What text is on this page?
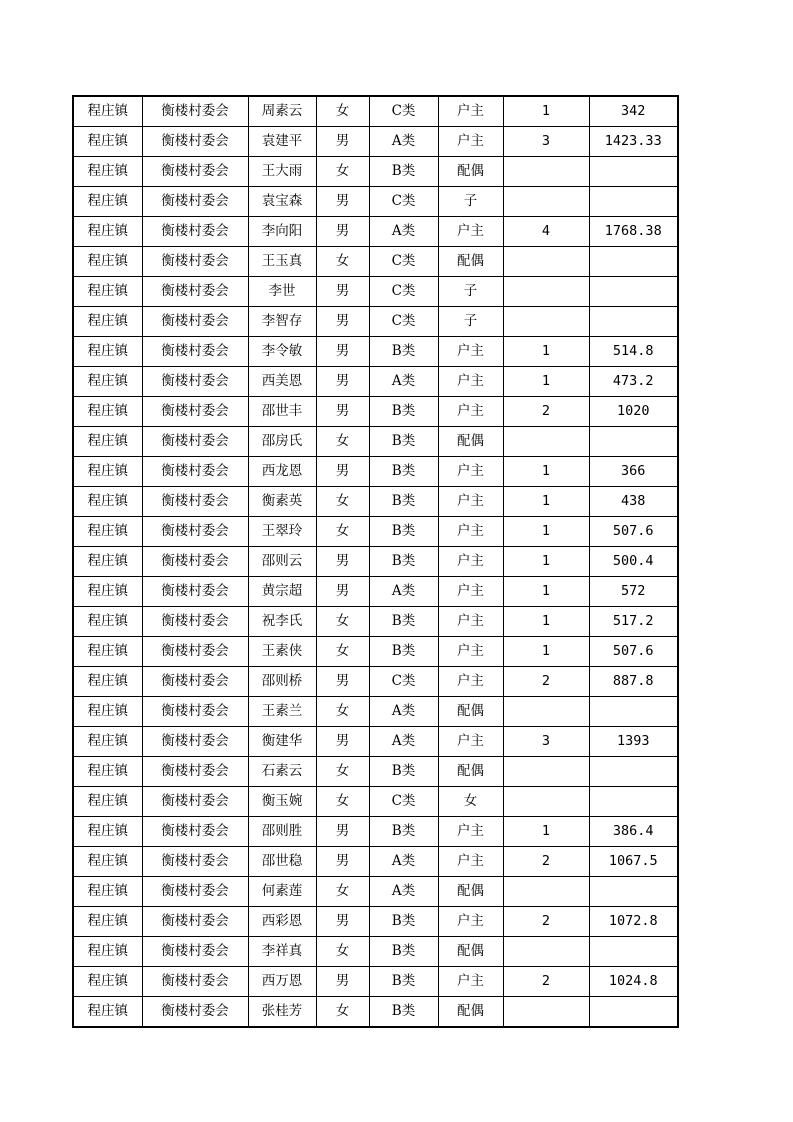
程庄镇	衡楼村委会	周素云	女	C类	户主	1	342
程庄镇	衡楼村委会	袁建平	男	A类	户主	3	1423.33
程庄镇	衡楼村委会	王大雨	女	B类	配偶		
程庄镇	衡楼村委会	袁宝森	男	C类	子		
程庄镇	衡楼村委会	李向阳	男	A类	户主	4	1768.38
程庄镇	衡楼村委会	王玉真	女	C类	配偶		
程庄镇	衡楼村委会	李世	男	C类	子		
程庄镇	衡楼村委会	李智存	男	C类	子		
程庄镇	衡楼村委会	李令敏	男	B类	户主	1	514.8
程庄镇	衡楼村委会	西美恩	男	A类	户主	1	473.2
程庄镇	衡楼村委会	邵世丰	男	B类	户主	2	1020
程庄镇	衡楼村委会	邵房氏	女	B类	配偶		
程庄镇	衡楼村委会	西龙恩	男	B类	户主	1	366
程庄镇	衡楼村委会	衡素英	女	B类	户主	1	438
程庄镇	衡楼村委会	王翠玲	女	B类	户主	1	507.6
程庄镇	衡楼村委会	邵则云	男	B类	户主	1	500.4
程庄镇	衡楼村委会	黄宗超	男	A类	户主	1	572
程庄镇	衡楼村委会	祝李氏	女	B类	户主	1	517.2
程庄镇	衡楼村委会	王素侠	女	B类	户主	1	507.6
程庄镇	衡楼村委会	邵则桥	男	C类	户主	2	887.8
程庄镇	衡楼村委会	王素兰	女	A类	配偶		
程庄镇	衡楼村委会	衡建华	男	A类	户主	3	1393
程庄镇	衡楼村委会	石素云	女	B类	配偶		
程庄镇	衡楼村委会	衡玉婉	女	C类	女		
程庄镇	衡楼村委会	邵则胜	男	B类	户主	1	386.4
程庄镇	衡楼村委会	邵世稳	男	A类	户主	2	1067.5
程庄镇	衡楼村委会	何素莲	女	A类	配偶		
程庄镇	衡楼村委会	西彩恩	男	B类	户主	2	1072.8
程庄镇	衡楼村委会	李祥真	女	B类	配偶		
程庄镇	衡楼村委会	西万恩	男	B类	户主	2	1024.8
程庄镇	衡楼村委会	张桂芳	女	B类	配偶		
